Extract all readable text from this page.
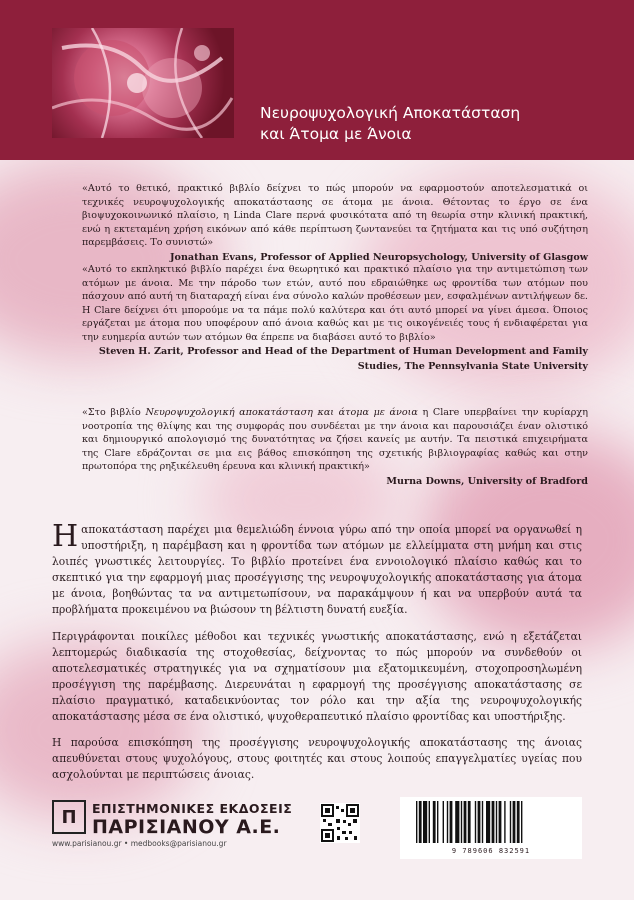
Νευροψυχολογική Αποκατάσταση
και Άτομα με Άνοια

«Αυτό το θετικό, πρακτικό βιβλίο δείχνει το πώς μπορούν να εφαρμοστούν αποτελεσματικά οι τεχνικές νευροψυχολογικής αποκατάστασης σε άτομα με άνοια. Θέτοντας το έργο σε ένα βιοψυχοκοινωνικό πλαίσιο, η Linda Clare περνά φυσικότατα από τη θεωρία στην κλινική πρακτική, ενώ η εκτεταμένη χρήση εικόνων από κάθε περίπτωση ζωντανεύει τα ζητήματα και τις υπό συζήτηση παρεμβάσεις. Το συνιστώ»

Jonathan Evans, Professor of Applied Neuropsychology, University of Glasgow

«Αυτό το εκπληκτικό βιβλίο παρέχει ένα θεωρητικό και πρακτικό πλαίσιο για την αντιμετώπιση των ατόμων με άνοια. Με την πάροδο των ετών, αυτό που εδραιώθηκε ως φροντίδα των ατόμων που πάσχουν από αυτή τη διαταραχή είναι ένα σύνολο καλών προθέσεων μεν, εσφαλμένων αντιλήψεων δε. Η Clare δείχνει ότι μπορούμε να τα πάμε πολύ καλύτερα και ότι αυτό μπορεί να γίνει άμεσα. Όποιος εργάζεται με άτομα που υποφέρουν από άνοια καθώς και με τις οικογένειές τους ή ενδιαφέρεται για την ευημερία αυτών των ατόμων θα έπρεπε να διαβάσει αυτό το βιβλίο»

Steven H. Zarit, Professor and Head of the Department of Human Development and Family
Studies, The Pennsylvania State University

«Στο βιβλίο Νευροψυχολογική αποκατάσταση και άτομα με άνοια η Clare υπερβαίνει την κυρίαρχη νοοτροπία της θλίψης και της συμφοράς που συνδέεται με την άνοια και παρουσιάζει έναν ολιστικό και δημιουργικό απολογισμό της δυνατότητας να ζήσει κανείς με αυτήν. Τα πειστικά επιχειρήματα της Clare εδράζονται σε μια εις βάθος επισκόπηση της σχετικής βιβλιογραφίας καθώς και στην πρωτοπόρα της ρηξικέλευθη έρευνα και κλινική πρακτική»

Murna Downs, University of Bradford

Ηαποκατάσταση παρέχει μια θεμελιώδη έννοια γύρω από την οποία μπορεί να οργανωθεί η υποστήριξη, η παρέμβαση και η φροντίδα των ατόμων με ελλείμματα στη μνήμη και στις λοιπές γνωστικές λειτουργίες. Το βιβλίο προτείνει ένα εννοιολογικό πλαίσιο καθώς και το σκεπτικό για την εφαρμογή μιας προσέγγισης της νευροψυχολογικής αποκατάστασης για άτομα με άνοια, βοηθώντας τα να αντιμετωπίσουν, να παρακάμψουν ή και να υπερβούν αυτά τα προβλήματα προκειμένου να βιώσουν τη βέλτιστη δυνατή ευεξία.

Περιγράφονται ποικίλες μέθοδοι και τεχνικές γνωστικής αποκατάστασης, ενώ η εξετάζεται λεπτομερώς διαδικασία της στοχοθεσίας, δείχνοντας το πώς μπορούν να συνδεθούν οι αποτελεσματικές στρατηγικές για να σχηματίσουν μια εξατομικευμένη, στοχοπροσηλωμένη προσέγγιση της παρέμβασης. Διερευνάται η εφαρμογή της προσέγγισης αποκατάστασης σε πλαίσιο πραγματικό, καταδεικνύοντας τον ρόλο και την αξία της νευροψυχολογικής αποκατάστασης μέσα σε ένα ολιστικό, ψυχοθεραπευτικό πλαίσιο φροντίδας και υποστήριξης.

Η παρούσα επισκόπηση της προσέγγισης νευροψυχολογικής αποκατάστασης της άνοιας απευθύνεται στους ψυχολόγους, στους φοιτητές και στους λοιπούς επαγγελματίες υγείας που ασχολούνται με περιπτώσεις άνοιας.

Π	ΕΠΙΣΤΗΜΟΝΙΚΕΣ ΕΚΔΟΣΕΙΣ
ΠΑΡΙΣΙΑΝΟΥ Α.Ε.
www.parisianou.gr • medbooks@parisianou.gr
9 789606 832591
